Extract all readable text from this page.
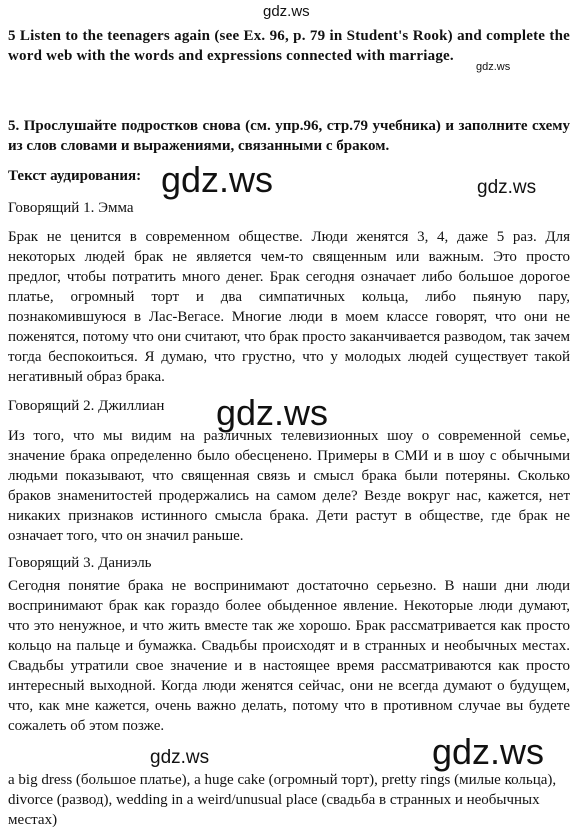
gdz.ws
gdz.ws

5 Listen to the teenagers again (see Ex. 96, p. 79 in Student's Rook) and complete the word web with the words and expressions connected with marriage.

5. Прослушайте подростков снова (см. упр.96, стр.79 учебника) и заполните схему из слов словами и выражениями, связанными с браком.

Текст аудирования: gdz.ws	gdz.ws

Говорящий 1. Эмма

Брак не ценится в современном обществе. Люди женятся 3, 4, даже 5 раз. Для некоторых людей брак не является чем-то священным или важным. Это просто предлог, чтобы потратить много денег. Брак сегодня означает либо большое дорогое платье, огромный торт и два симпатичных кольца, либо пьяную пару, познакомившуюся в Лас-Вегасе. Многие люди в моем классе говорят, что они не поженятся, потому что они считают, что брак просто заканчивается разводом, так зачем тогда беспокоиться. Я думаю, что грустно, что у молодых людей существует такой негативный образ брака.

Говорящий 2. Джиллиан

Из того, что мы видим на различных телевизионных шоу о современной семье, значение брака определенно было обесценено. Примеры в СМИ и в шоу с обычными людьми показывают, что священная связь и смысл брака были потеряны. Сколько браков знаменитостей продержались на самом деле? Везде вокруг нас, кажется, нет никаких признаков истинного смысла брака. Дети растут в обществе, где брак не означает того, что он значил раньше.

gdz.ws

Говорящий 3. Даниэль

Сегодня понятие брака не воспринимают достаточно серьезно. В наши дни люди воспринимают брак как гораздо более обыденное явление. Некоторые люди думают, что это ненужное, и что жить вместе так же хорошо. Брак рассматривается как просто кольцо на пальце и бумажка. Свадьбы происходят и в странных и необычных местах. Свадьбы утратили свое значение и в настоящее время рассматриваются как просто интересный выходной. Когда люди женятся сейчас, они не всегда думают о будущем, что, как мне кажется, очень важно делать, потому что в противном случае вы будете сожалеть об этом позже.

gdz.ws	gdz.ws

a big dress (большое платье), a huge cake (огромный торт), pretty rings (милые кольца), divorce (развод), wedding in a weird/unusual place (свадьба в странных и необычных местах)
